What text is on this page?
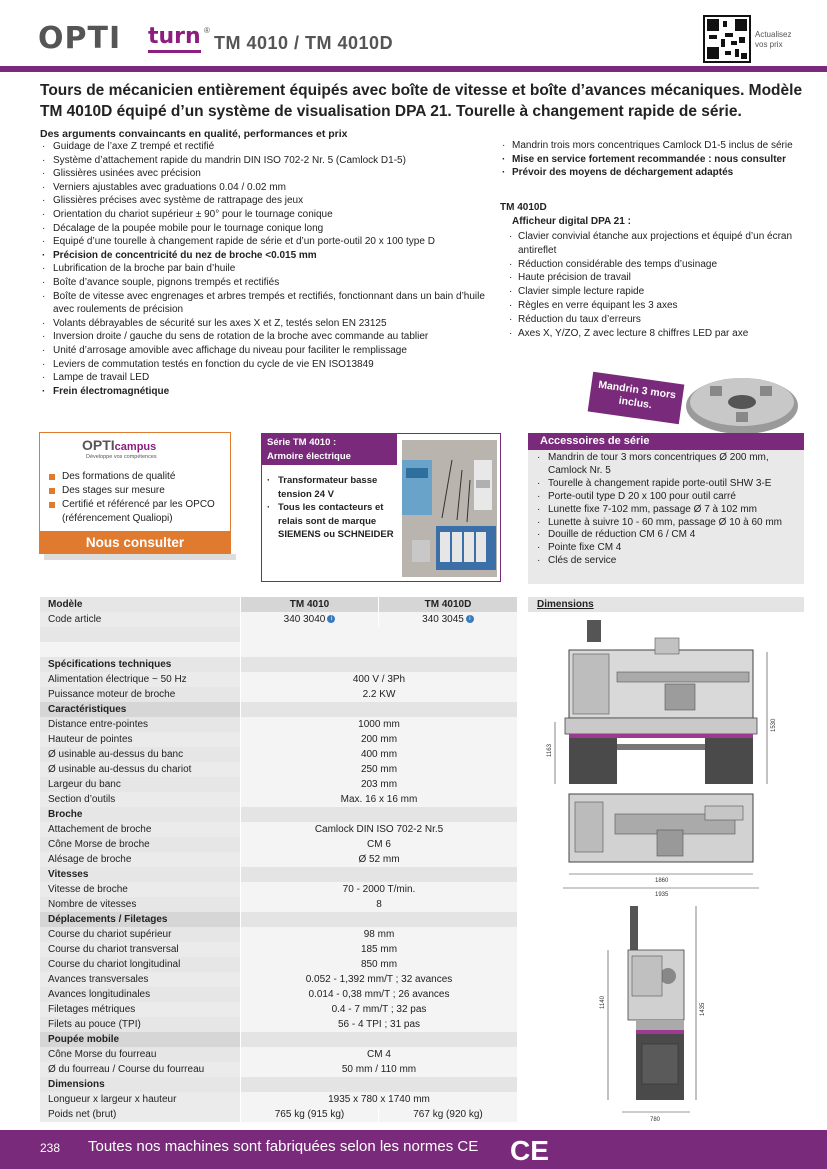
OPTI turn ®
TM 4010 / TM 4010D	Actualisez vos prix
Tours de mécanicien entièrement équipés avec boîte de vitesse et boîte d’avances mécaniques. Modèle TM 4010D équipé d’un système de visualisation DPA 21. Tourelle à changement rapide de série.
Des arguments convaincants en qualité, performances et prix
· Guidage de l’axe Z trempé et rectifié
· Système d’attachement rapide du mandrin DIN ISO 702-2 Nr. 5 (Camlock D1-5)
· Glissières usinées avec précision
· Verniers ajustables avec graduations 0.04 / 0.02 mm
· Glissières précises avec système de rattrapage des jeux
· Orientation du chariot supérieur ± 90° pour le tournage conique
· Décalage de la poupée mobile pour le tournage conique long
· Equipé d’une tourelle à changement rapide de série et d’un porte-outil 20 x 100 type D
· Précision de concentricité du nez de broche <0.015 mm
· Lubrification de la broche par bain d’huile
· Boîte d’avance souple, pignons trempés et rectifiés
· Boîte de vitesse avec engrenages et arbres trempés et rectifiés, fonctionnant dans un bain d’huile avec roulements de précision
· Volants débrayables de sécurité sur les axes X et Z, testés selon EN 23125
· Inversion droite / gauche du sens de rotation de la broche avec commande au tablier
· Unité d’arrosage amovible avec affichage du niveau pour faciliter le remplissage
· Leviers de commutation testés en fonction du cycle de vie EN ISO13849
· Lampe de travail LED
· Frein électromagnétique
· Mandrin trois mors concentriques Camlock D1-5 inclus de série
· Mise en service fortement recommandée : nous consulter
· Prévoir des moyens de déchargement adaptés
TM 4010D
Afficheur digital DPA 21 :
· Clavier convivial étanche aux projections et équipé d’un écran antireflet
· Réduction considérable des temps d’usinage
· Haute précision de travail
· Clavier simple lecture rapide
· Règles en verre équipant les 3 axes
· Réduction du taux d’erreurs
· Axes X, Y/ZO, Z avec lecture 8 chiffres LED par axe
Mandrin 3 mors inclus.
OPTIcampus
Développe vos compétences
Des formations de qualité
Des stages sur mesure
Certifié et référencé par les OPCO (référencement Qualiopi)
Nous consulter
Série TM 4010 :
Armoire électrique
· Transformateur basse tension 24 V
· Tous les contacteurs et relais sont de marque SIEMENS ou SCHNEIDER
Accessoires de série
· Mandrin de tour 3 mors concentriques Ø 200 mm, Camlock Nr. 5
· Tourelle à changement rapide porte-outil SHW 3-E
· Porte-outil type D 20 x 100 pour outil carré
· Lunette fixe 7-102 mm, passage Ø 7 à 102 mm
· Lunette à suivre 10 - 60 mm, passage Ø 10 à 60 mm
· Douille de réduction CM 6 / CM 4
· Pointe fixe CM 4
· Clés de service
Modèle	TM 4010	TM 4010D
Code article	340 3040 i	340 3045 i
Spécifications techniques
Alimentation électrique ~ 50 Hz	400 V / 3Ph
Puissance moteur de broche	2.2 KW
Caractéristiques
Distance entre-pointes	1000 mm
Hauteur de pointes	200 mm
Ø usinable au-dessus du banc	400 mm
Ø usinable au-dessus du chariot	250 mm
Largeur du banc	203 mm
Section d’outils	Max. 16 x 16 mm
Broche
Attachement de broche	Camlock DIN ISO 702-2 Nr.5
Cône Morse de broche	CM 6
Alésage de broche	Ø 52 mm
Vitesses
Vitesse de broche	70 - 2000 T/min.
Nombre de vitesses	8
Déplacements / Filetages
Course du chariot supérieur	98 mm
Course du chariot transversal	185 mm
Course du chariot longitudinal	850 mm
Avances transversales	0.052 - 1,392 mm/T ; 32 avances
Avances longitudinales	0.014 - 0,38 mm/T ; 26 avances
Filetages métriques	0.4 - 7 mm/T ; 32 pas
Filets au pouce (TPI)	56 - 4 TPI ; 31 pas
Poupée mobile
Cône Morse du fourreau	CM 4
Ø du fourreau / Course du fourreau	50 mm / 110 mm
Dimensions
Longueur x largeur x hauteur	1935 x 780 x 1740 mm
Poids net (brut)	765 kg (915 kg)	767 kg (920 kg)
Dimensions
1163
1530
1860
1935
1140
1435
780
238 Toutes nos machines sont fabriquées selon les normes CE CE
